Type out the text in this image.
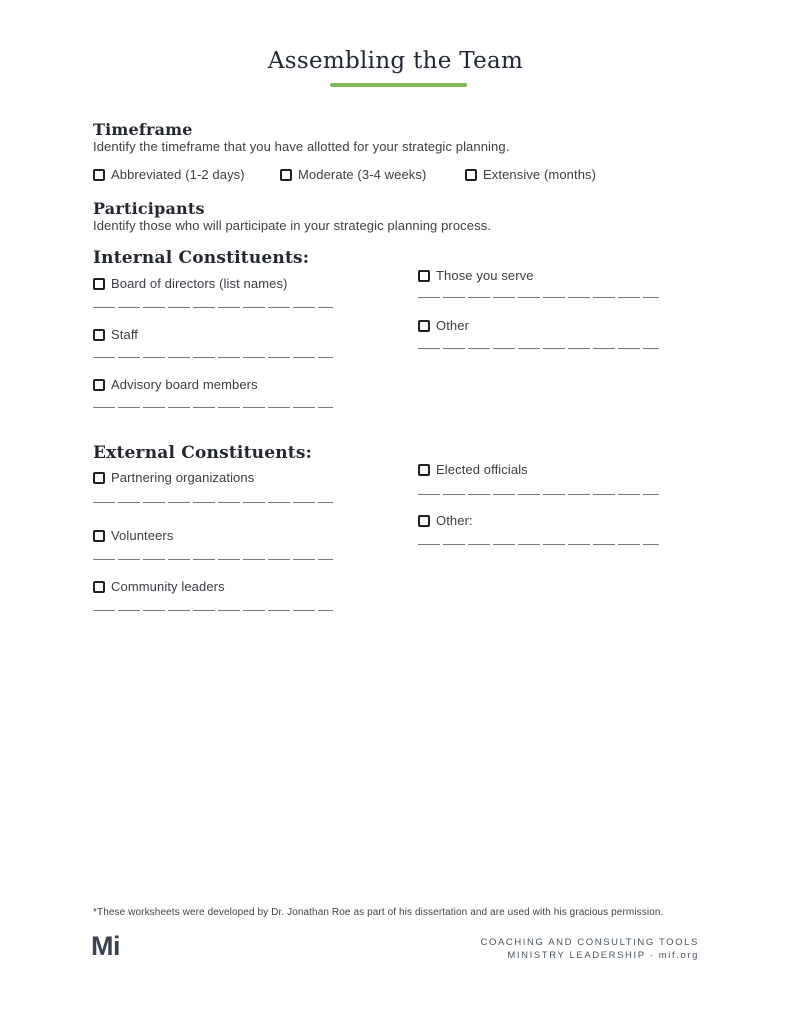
Assembling the Team
Timeframe
Identify the timeframe that you have allotted for your strategic planning.
Abbreviated (1-2 days)	Moderate (3-4 weeks)	Extensive (months)
Participants
Identify those who will participate in your strategic planning process.
Internal Constituents:
Board of directors (list names)
Staff
Advisory board members
Those you serve
Other
External Constituents:
Partnering organizations
Volunteers
Community leaders
Elected officials
Other:
*These worksheets were developed by Dr. Jonathan Roe as part of his dissertation and are used with his gracious permission.
Mi	COACHING AND CONSULTING TOOLS
MINISTRY LEADERSHIP · mif.org
